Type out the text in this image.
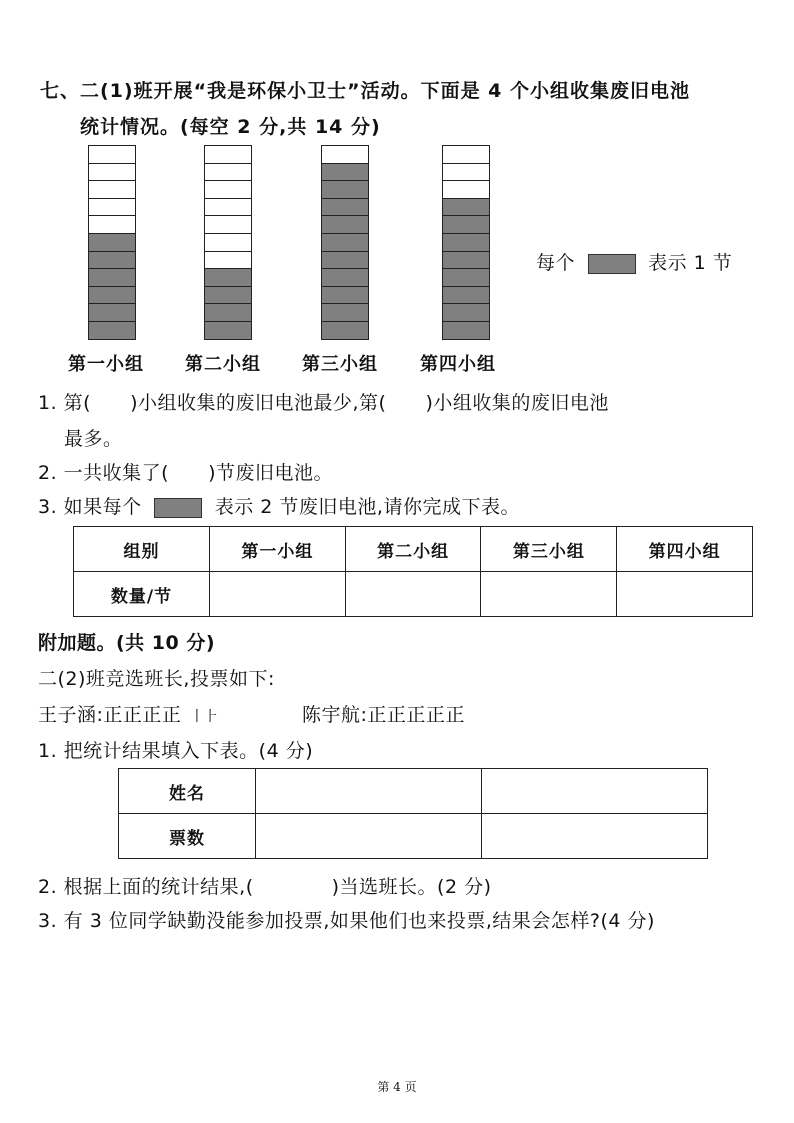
七、二(1)班开展“我是环保小卫士”活动。下面是 4 个小组收集废旧电池
统计情况。(每空 2 分,共 14 分)
第一小组 第二小组 第三小组 第四小组
每个	表示 1 节
1. 第(　　)小组收集的废旧电池最少,第(　　)小组收集的废旧电池
最多。
2. 一共收集了(　　)节废旧电池。
3. 如果每个	表示 2 节废旧电池,请你完成下表。
组别	第一小组	第二小组	第三小组	第四小组
数量/节				
附加题。(共 10 分)
二(2)班竞选班长,投票如下:
王子涵:正正正正 ⼁⺊	陈宇航:正正正正正
1. 把统计结果填入下表。(4 分)
姓名		
票数		
2. 根据上面的统计结果,(　　　　)当选班长。(2 分)
3. 有 3 位同学缺勤没能参加投票,如果他们也来投票,结果会怎样?(4 分)
第 4 页
